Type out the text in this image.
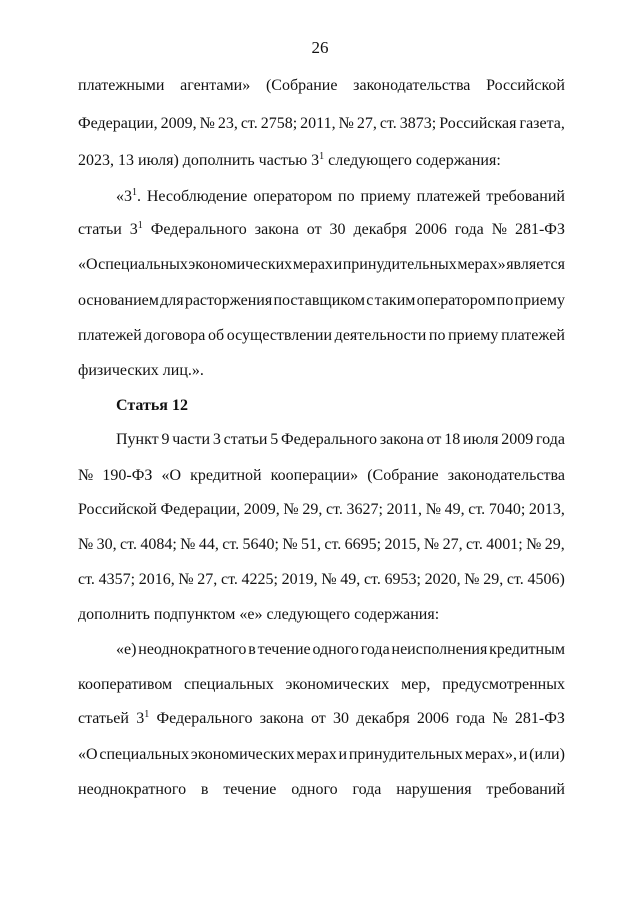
26
платежными агентами» (Собрание законодательства Российской
Федерации, 2009, № 23, ст. 2758; 2011, № 27, ст. 3873; Российская газета,
2023, 13 июля) дополнить частью $3^1$ следующего содержания:
«$3^1$. Несоблюдение оператором по приему платежей требований
статьи $3^1$ Федерального закона от 30 декабря 2006 года № 281-ФЗ
«О специальных экономических мерах и принудительных мерах» является
основанием для расторжения поставщиком с таким оператором по приему
платежей договора об осуществлении деятельности по приему платежей
физических лиц.».
Статья 12
Пункт 9 части 3 статьи 5 Федерального закона от 18 июля 2009 года
№ 190-ФЗ «О кредитной кооперации» (Собрание законодательства
Российской Федерации, 2009, № 29, ст. 3627; 2011, № 49, ст. 7040; 2013,
№ 30, ст. 4084; № 44, ст. 5640; № 51, ст. 6695; 2015, № 27, ст. 4001; № 29,
ст. 4357; 2016, № 27, ст. 4225; 2019, № 49, ст. 6953; 2020, № 29, ст. 4506)
дополнить подпунктом «е» следующего содержания:
«е) неоднократного в течение одного года неисполнения кредитным
кооперативом специальных экономических мер, предусмотренных
статьей $3^1$ Федерального закона от 30 декабря 2006 года № 281-ФЗ
«О специальных экономических мерах и принудительных мерах», и (или)
неоднократного в течение одного года нарушения требований
